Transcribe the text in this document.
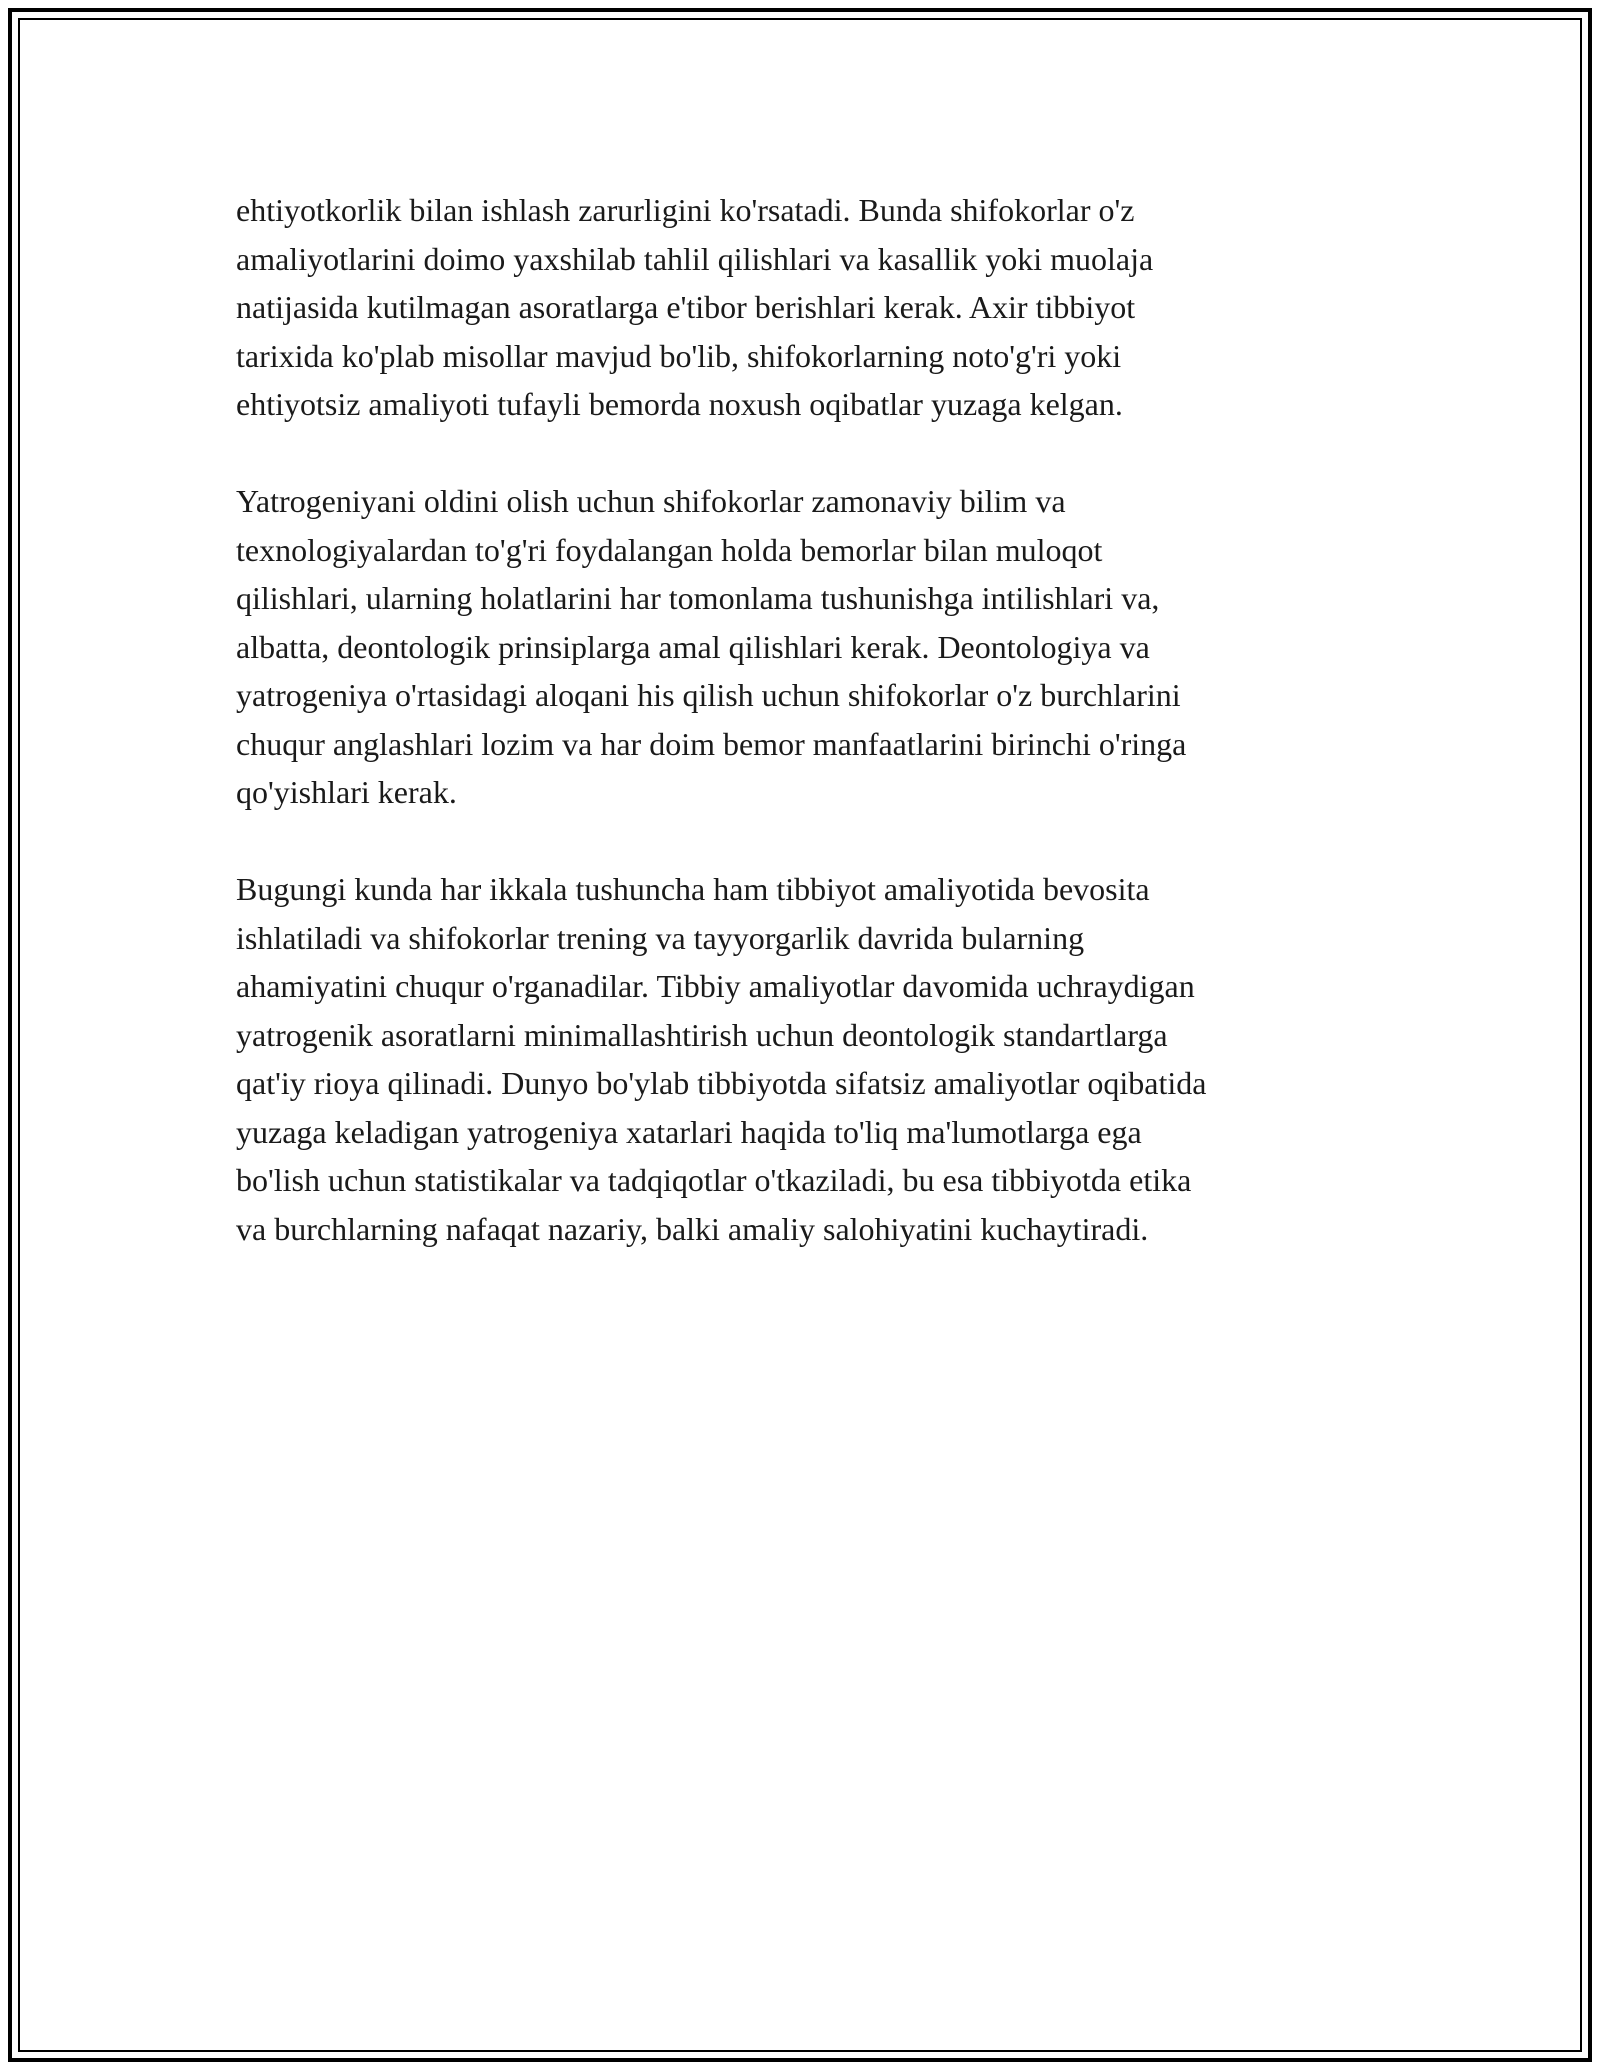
ehtiyotkorlik bilan ishlash zarurligini ko'rsatadi. Bunda shifokorlar o'z
amaliyotlarini doimo yaxshilab tahlil qilishlari va kasallik yoki muolaja
natijasida kutilmagan asoratlarga e'tibor berishlari kerak. Axir tibbiyot
tarixida ko'plab misollar mavjud bo'lib, shifokorlarning noto'g'ri yoki
ehtiyotsiz amaliyoti tufayli bemorda noxush oqibatlar yuzaga kelgan.

Yatrogeniyani oldini olish uchun shifokorlar zamonaviy bilim va
texnologiyalardan to'g'ri foydalangan holda bemorlar bilan muloqot
qilishlari, ularning holatlarini har tomonlama tushunishga intilishlari va,
albatta, deontologik prinsiplarga amal qilishlari kerak. Deontologiya va
yatrogeniya o'rtasidagi aloqani his qilish uchun shifokorlar o'z burchlarini
chuqur anglashlari lozim va har doim bemor manfaatlarini birinchi o'ringa
qo'yishlari kerak.

Bugungi kunda har ikkala tushuncha ham tibbiyot amaliyotida bevosita
ishlatiladi va shifokorlar trening va tayyorgarlik davrida bularning
ahamiyatini chuqur o'rganadilar. Tibbiy amaliyotlar davomida uchraydigan
yatrogenik asoratlarni minimallashtirish uchun deontologik standartlarga
qat'iy rioya qilinadi. Dunyo bo'ylab tibbiyotda sifatsiz amaliyotlar oqibatida
yuzaga keladigan yatrogeniya xatarlari haqida to'liq ma'lumotlarga ega
bo'lish uchun statistikalar va tadqiqotlar o'tkaziladi, bu esa tibbiyotda etika
va burchlarning nafaqat nazariy, balki amaliy salohiyatini kuchaytiradi.
